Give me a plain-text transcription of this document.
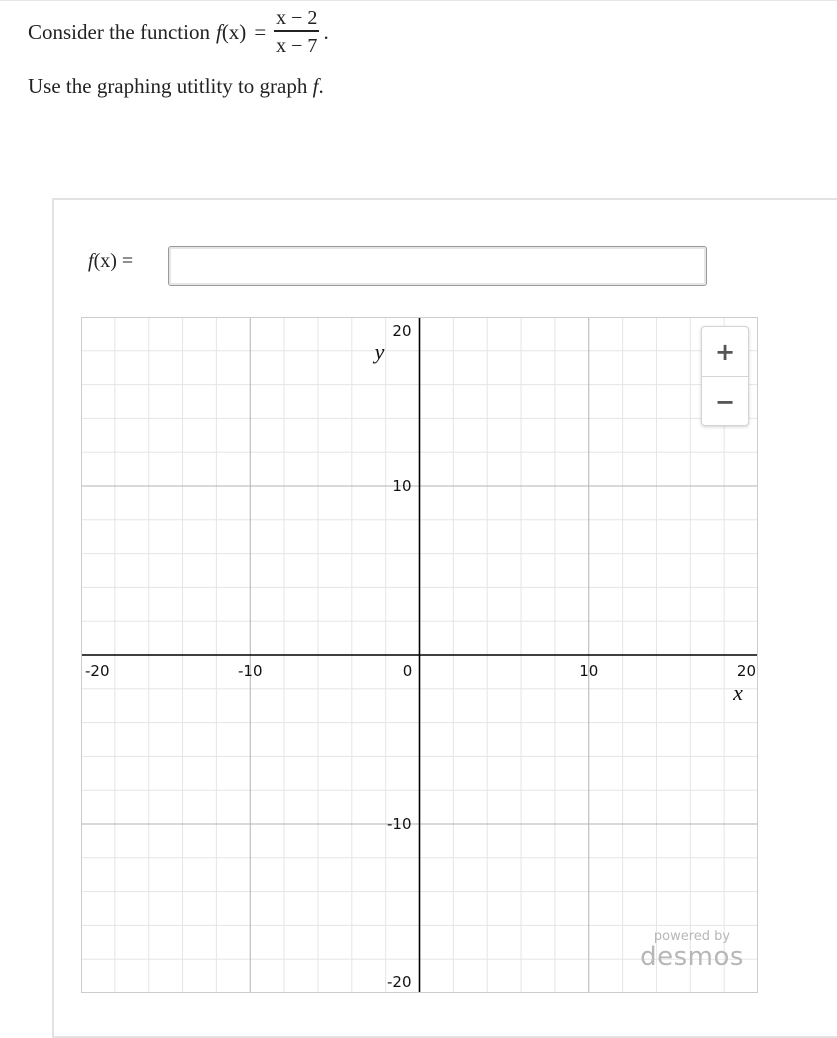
Consider the function f $(x) = \frac{x - 2}{x - 7}$ .
Use the graphing utitlity to graph f.
f(x) =
-20	-10	0	10	20
20
10
-10
-20
x
y	+
−
powered by
desmos
